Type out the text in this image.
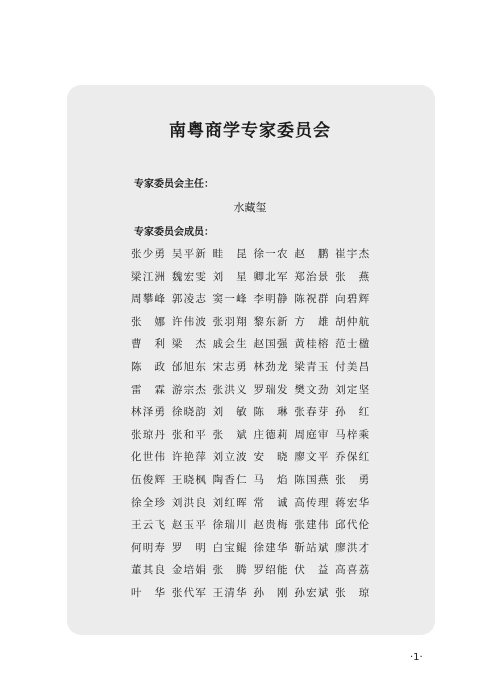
南粤商学专家委员会
专家委员会主任：
水藏玺
专家委员会成员：
张少勇 吴平新 畦 昆 徐一农 赵 鹏 崔宇杰
梁江洲 魏宏雯 刘 星 卿北军 郑治景 张 燕
周攀峰 郭凌志 窦一峰 李明静 陈祝群 向碧辉
张 娜 许伟波 张羽翔 黎东新 方 雄 胡仲航
曹 利 梁 杰 戚会生 赵国强 黄桂榕 范士楹
陈 政 邰旭东 宋志勇 林劲龙 梁青玉 付美昌
雷 霖 游宗杰 张洪义 罗瑞发 樊文劲 刘定坚
林泽勇 徐晓韵 刘 敏 陈 琳 张春芽 孙 红
张琼丹 张和平 张 斌 庄德莉 周庭审 马梓乘
化世伟 许艳萍 刘立波 安 晓 廖文平 乔保红
伍俊辉 王晓枫 陶香仁 马 焰 陈国燕 张 勇
徐全珍 刘洪良 刘红晖 常 诚 高传理 蒋宏华
王云飞 赵玉平 徐瑞川 赵贵梅 张建伟 邱代伦
何明寿 罗 明 白宝鲲 徐建华 靳站斌 廖洪才
董其良 金培娟 张 腾 罗绍能 伏 益 高喜荔
叶 华 张代军 王清华 孙 刚 孙宏斌 张 琼
·1·
